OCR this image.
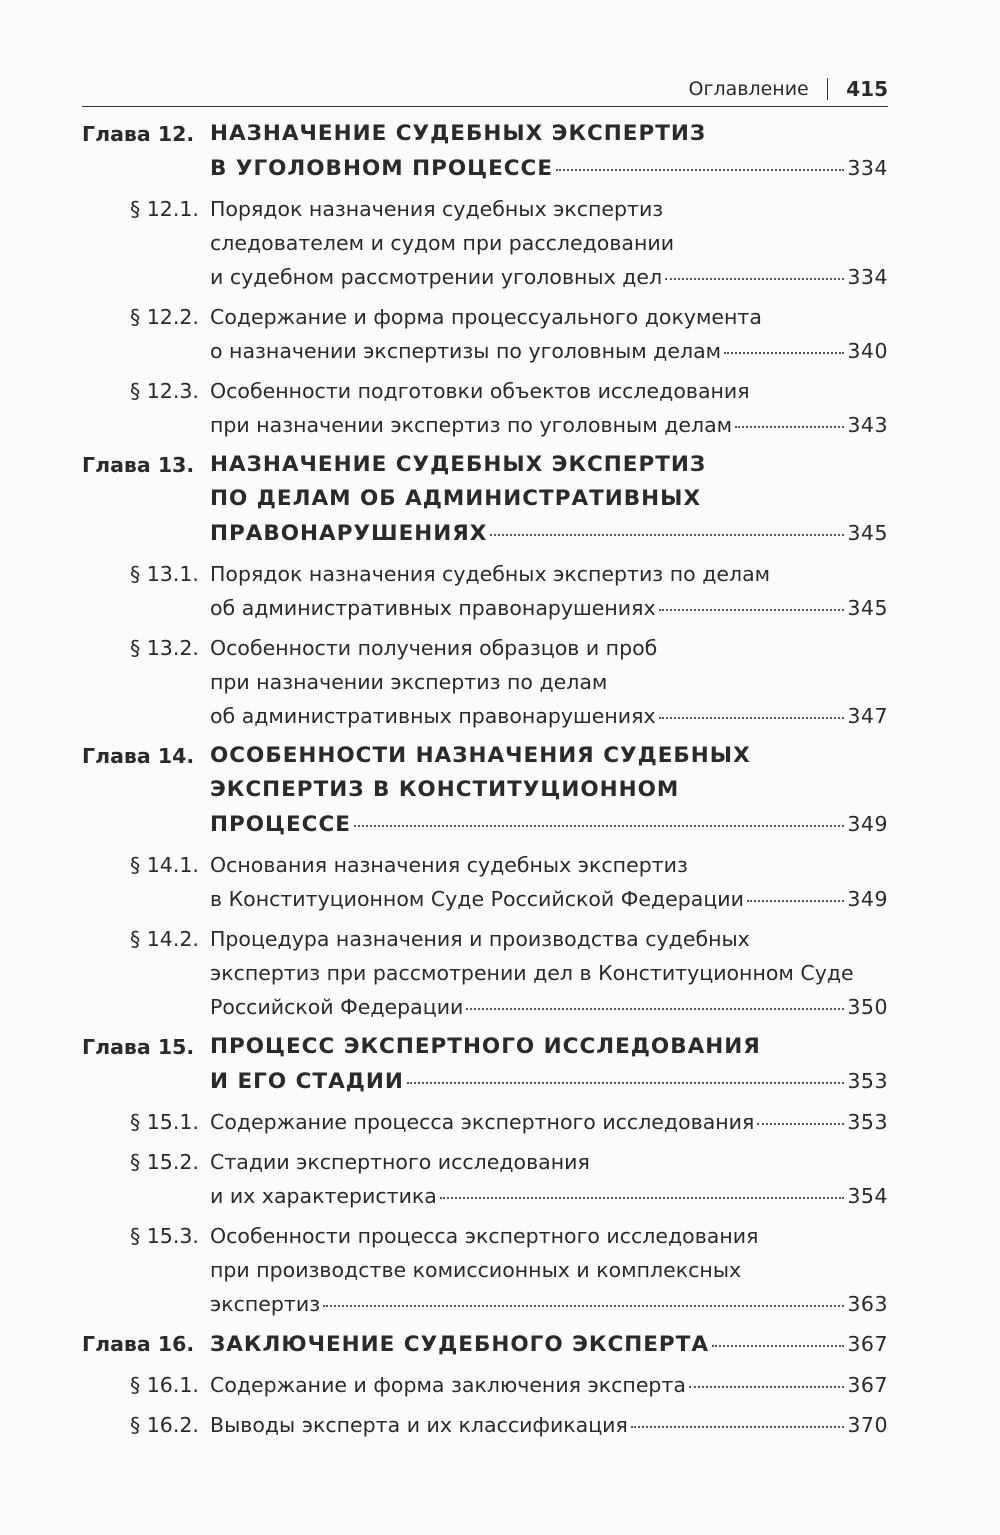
Оглавление 415
Глава 12. НАЗНАЧЕНИЕ СУДЕБНЫХ ЭКСПЕРТИЗ
В УГОЛОВНОМ ПРОЦЕССЕ	334
§ 12.1. Порядок назначения судебных экспертиз
следователем и судом при расследовании
и судебном рассмотрении уголовных дел	334
§ 12.2. Содержание и форма процессуального документа
о назначении экспертизы по уголовным делам	340
§ 12.3. Особенности подготовки объектов исследования
при назначении экспертиз по уголовным делам	343
Глава 13. НАЗНАЧЕНИЕ СУДЕБНЫХ ЭКСПЕРТИЗ
ПО ДЕЛАМ ОБ АДМИНИСТРАТИВНЫХ
ПРАВОНАРУШЕНИЯХ	345
§ 13.1. Порядок назначения судебных экспертиз по делам
об административных правонарушениях	345
§ 13.2. Особенности получения образцов и проб
при назначении экспертиз по делам
об административных правонарушениях	347
Глава 14. ОСОБЕННОСТИ НАЗНАЧЕНИЯ СУДЕБНЫХ
ЭКСПЕРТИЗ В КОНСТИТУЦИОННОМ
ПРОЦЕССЕ	349
§ 14.1. Основания назначения судебных экспертиз
в Конституционном Суде Российской Федерации	349
§ 14.2. Процедура назначения и производства судебных
экспертиз при рассмотрении дел в Конституционном Суде
Российской Федерации	350
Глава 15. ПРОЦЕСС ЭКСПЕРТНОГО ИССЛЕДОВАНИЯ
И ЕГО СТАДИИ	353
§ 15.1. Содержание процесса экспертного исследования	353
§ 15.2. Стадии экспертного исследования
и их характеристика	354
§ 15.3. Особенности процесса экспертного исследования
при производстве комиссионных и комплексных
экспертиз	363
Глава 16. ЗАКЛЮЧЕНИЕ СУДЕБНОГО ЭКСПЕРТА	367
§ 16.1. Содержание и форма заключения эксперта	367
§ 16.2. Выводы эксперта и их классификация	370
